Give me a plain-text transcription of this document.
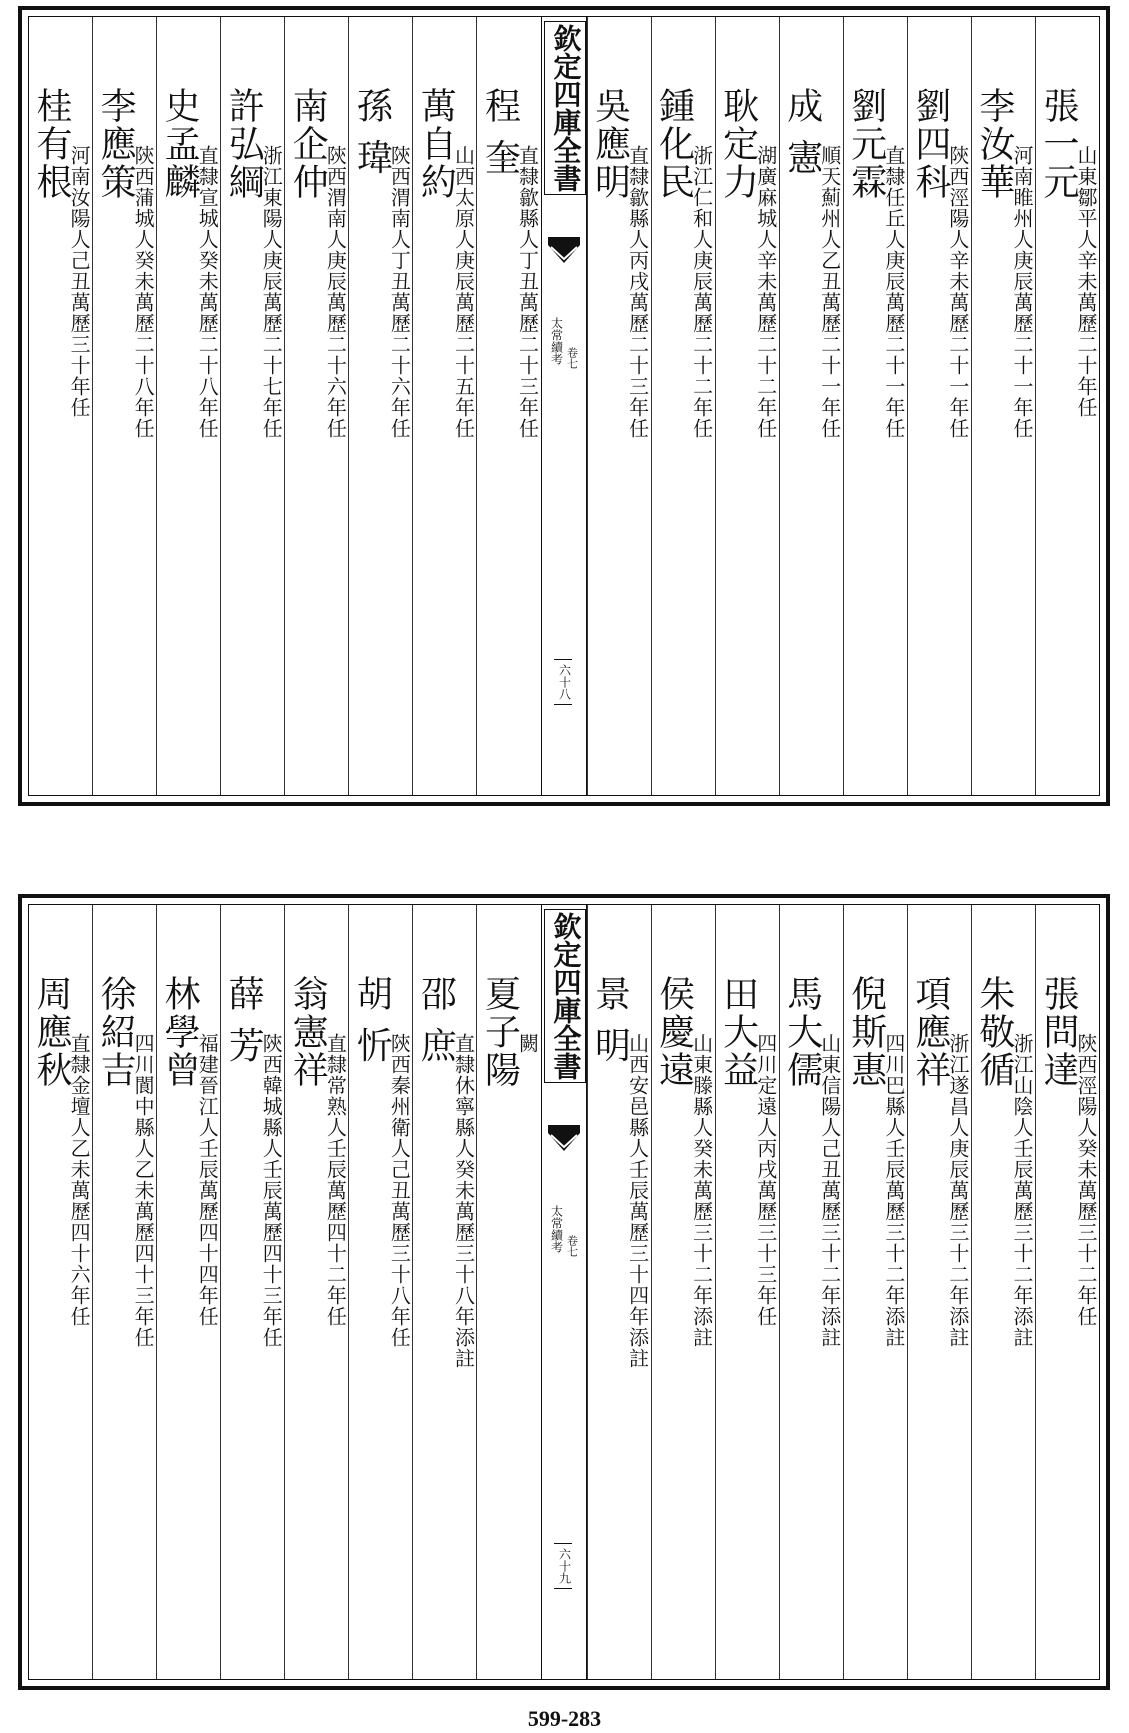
張一元
山東鄒平人辛未萬歷二十年任
李汝華
河南睢州人庚辰萬歷二十一年任
劉四科
陝西涇陽人辛未萬歷二十一年任
劉元霖
直隸任丘人庚辰萬歷二十一年任
成 憲
順天薊州人乙丑萬歷二十一年任
耿定力
湖廣麻城人辛未萬歷二十二年任
鍾化民
浙江仁和人庚辰萬歷二十二年任
吳應明
直隸歙縣人丙戌萬歷二十三年任
欽定四庫全書
太常續考 卷七
六十八
程 奎
直隸歙縣人丁丑萬歷二十三年任
萬自約
山西太原人庚辰萬歷二十五年任
孫 瑋
陝西渭南人丁丑萬歷二十六年任
南企仲
陝西渭南人庚辰萬歷二十六年任
許弘綱
浙江東陽人庚辰萬歷二十七年任
史孟麟
直隸宣城人癸未萬歷二十八年任
李應策
陝西蒲城人癸未萬歷二十八年任
桂有根
河南汝陽人己丑萬歷三十年任
張問達
陝西涇陽人癸未萬歷三十二年任
朱敬循
浙江山陰人壬辰萬歷三十二年添註
項應祥
浙江遂昌人庚辰萬歷三十二年添註
倪斯惠
四川巴縣人壬辰萬歷三十二年添註
馬大儒
山東信陽人己丑萬歷三十二年添註
田大益
四川定遠人丙戌萬歷三十三年任
侯慶遠
山東滕縣人癸未萬歷三十二年添註
景 明
山西安邑縣人壬辰萬歷三十四年添註
欽定四庫全書
太常續考 卷七
六十九
夏子陽
闕
邵 庶
直隸休寧縣人癸未萬歷三十八年添註
胡 忻
陝西秦州衛人己丑萬歷三十八年任
翁憲祥
直隸常熟人壬辰萬歷四十二年任
薛 芳
陝西韓城縣人壬辰萬歷四十三年任
林學曾
福建晉江人壬辰萬歷四十四年任
徐紹吉
四川閬中縣人乙未萬歷四十三年任
周應秋
直隸金壇人乙未萬歷四十六年任
599-283
